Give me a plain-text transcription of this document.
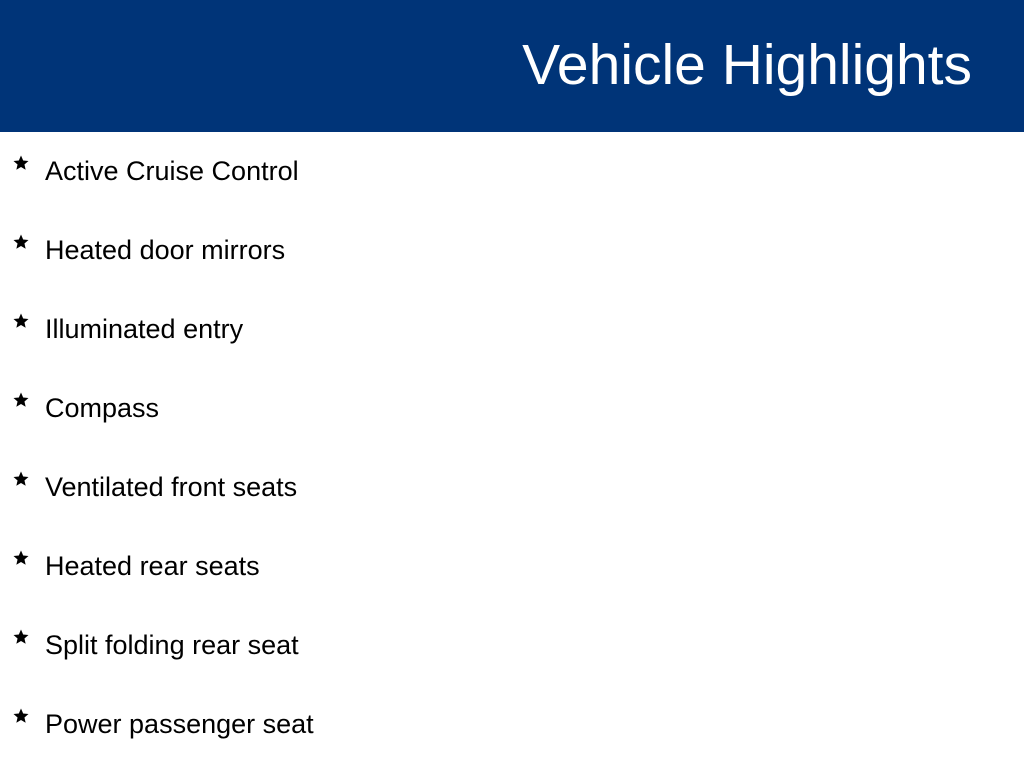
Vehicle Highlights
Active Cruise Control
Heated door mirrors
Illuminated entry
Compass
Ventilated front seats
Heated rear seats
Split folding rear seat
Power passenger seat
